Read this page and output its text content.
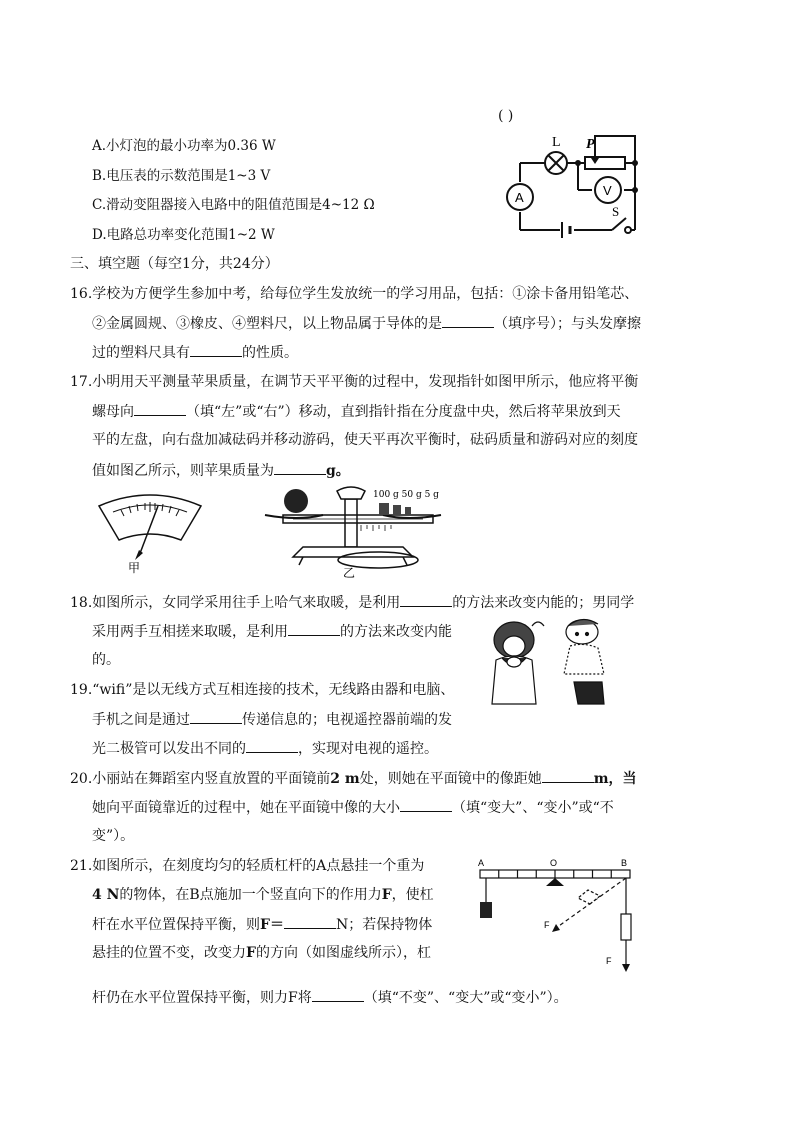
( )
A.小灯泡的最小功率为0.36 W
B.电压表的示数范围是1~3 V
C.滑动变阻器接入电路中的阻值范围是4~12 Ω
D.电路总功率变化范围1~2 W
L P
A	V
S
三、填空题（每空1分，共24分）
16.学校为方便学生参加中考，给每位学生发放统一的学习用品，包括：①涂卡备用铅笔芯、
②金属圆规、③橡皮、④塑料尺，以上物品属于导体的是	（填序号）；与头发摩擦
过的塑料尺具有	的性质。
17.小明用天平测量苹果质量，在调节天平平衡的过程中，发现指针如图甲所示，他应将平衡
螺母向	（填“左”或“右”）移动，直到指针指在分度盘中央，然后将苹果放到天
平的左盘，向右盘加减砝码并移动游码，使天平再次平衡时，砝码质量和游码对应的刻度
值如图乙所示，则苹果质量为	g。
甲
100 g 50 g 5 g
乙
18.如图所示，女同学采用往手上哈气来取暖，是利用	的方法来改变内能的；男同学
采用两手互相搓来取暖，是利用	的方法来改变内能
的。
19.“wifi”是以无线方式互相连接的技术，无线路由器和电脑、
手机之间是通过	传递信息的；电视遥控器前端的发
光二极管可以发出不同的	，实现对电视的遥控。
20.小丽站在舞蹈室内竖直放置的平面镜前2 m处，则她在平面镜中的像距她	m，当
她向平面镜靠近的过程中，她在平面镜中像的大小	（填“变大”、“变小”或“不
变”）。
21.如图所示，在刻度均匀的轻质杠杆的A点悬挂一个重为
4 N的物体，在B点施加一个竖直向下的作用力F，使杠
杆在水平位置保持平衡，则F＝	N；若保持物体
悬挂的位置不变，改变力F的方向（如图虚线所示），杠
杆仍在水平位置保持平衡，则力F将	（填“不变”、“变大”或“变小”）。
A	O	B
F
F
